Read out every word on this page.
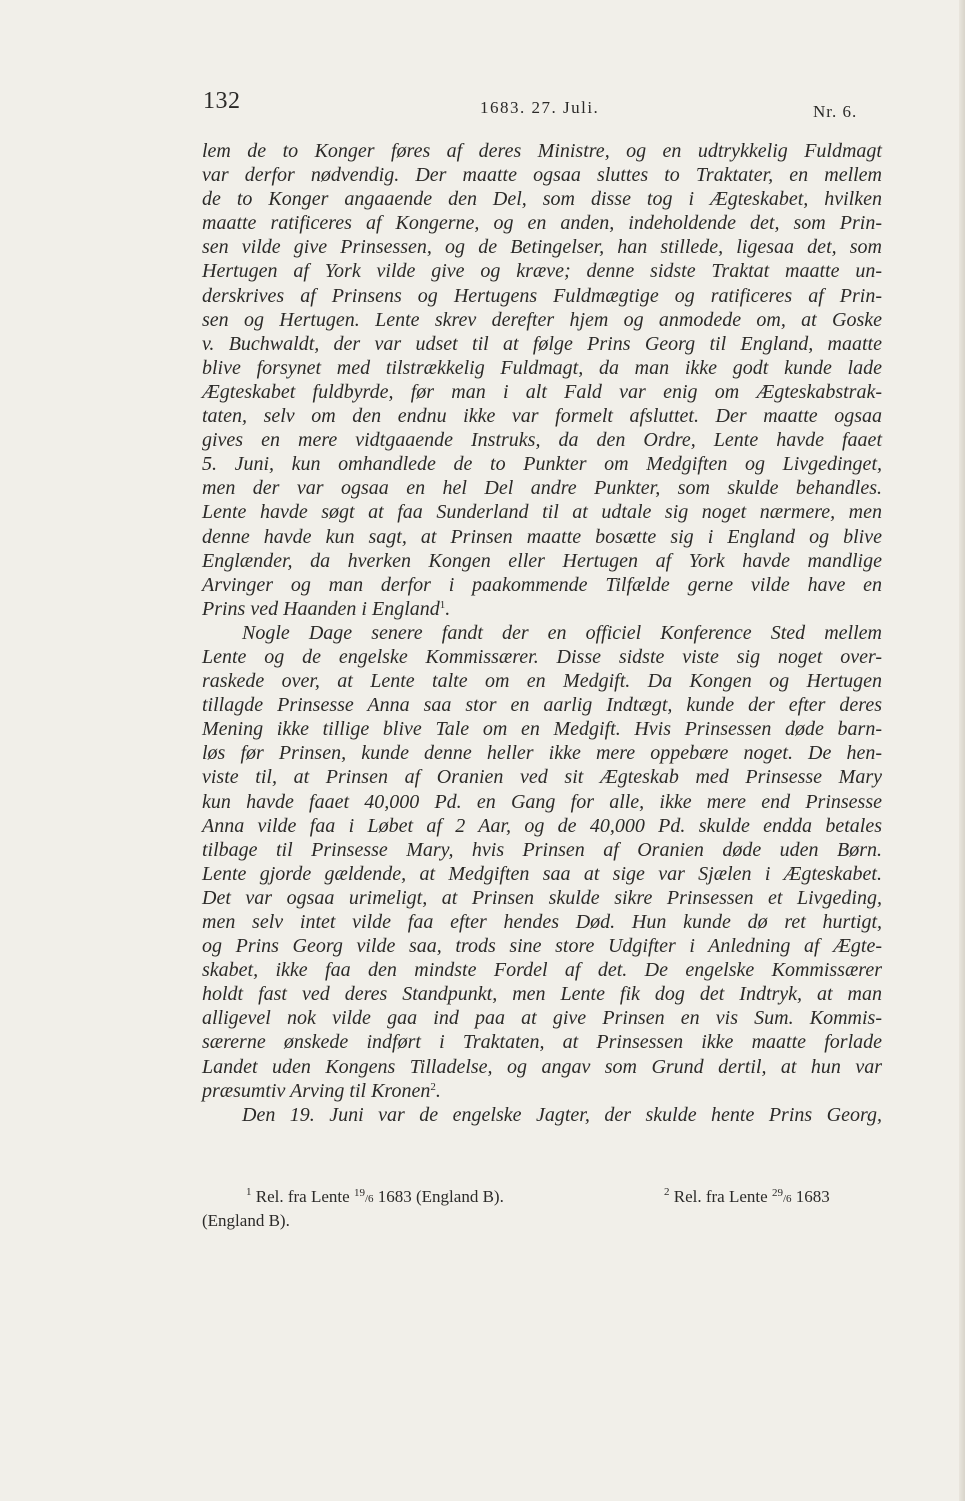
132	1683. 27. Juli.	Nr. 6.
lem de to Konger føres af deres Ministre, og en udtrykkelig Fuldmagt
var derfor nødvendig. Der maatte ogsaa sluttes to Traktater, en mellem
de to Konger angaaende den Del, som disse tog i Ægteskabet, hvilken
maatte ratificeres af Kongerne, og en anden, indeholdende det, som Prin-
sen vilde give Prinsessen, og de Betingelser, han stillede, ligesaa det, som
Hertugen af York vilde give og kræve; denne sidste Traktat maatte un-
derskrives af Prinsens og Hertugens Fuldmægtige og ratificeres af Prin-
sen og Hertugen. Lente skrev derefter hjem og anmodede om, at Goske
v. Buchwaldt, der var udset til at følge Prins Georg til England, maatte
blive forsynet med tilstrækkelig Fuldmagt, da man ikke godt kunde lade
Ægteskabet fuldbyrde, før man i alt Fald var enig om Ægteskabstrak-
taten, selv om den endnu ikke var formelt afsluttet. Der maatte ogsaa
gives en mere vidtgaaende Instruks, da den Ordre, Lente havde faaet
5. Juni, kun omhandlede de to Punkter om Medgiften og Livgedinget,
men der var ogsaa en hel Del andre Punkter, som skulde behandles.
Lente havde søgt at faa Sunderland til at udtale sig noget nærmere, men
denne havde kun sagt, at Prinsen maatte bosætte sig i England og blive
Englænder, da hverken Kongen eller Hertugen af York havde mandlige
Arvinger og man derfor i paakommende Tilfælde gerne vilde have en
Prins ved Haanden i England$^1$.
Nogle Dage senere fandt der en officiel Konference Sted mellem
Lente og de engelske Kommissærer. Disse sidste viste sig noget over-
raskede over, at Lente talte om en Medgift. Da Kongen og Hertugen
tillagde Prinsesse Anna saa stor en aarlig Indtægt, kunde der efter deres
Mening ikke tillige blive Tale om en Medgift. Hvis Prinsessen døde barn-
løs før Prinsen, kunde denne heller ikke mere oppebære noget. De hen-
viste til, at Prinsen af Oranien ved sit Ægteskab med Prinsesse Mary
kun havde faaet 40,000 Pd. en Gang for alle, ikke mere end Prinsesse
Anna vilde faa i Løbet af 2 Aar, og de 40,000 Pd. skulde endda betales
tilbage til Prinsesse Mary, hvis Prinsen af Oranien døde uden Børn.
Lente gjorde gældende, at Medgiften saa at sige var Sjælen i Ægteskabet.
Det var ogsaa urimeligt, at Prinsen skulde sikre Prinsessen et Livgeding,
men selv intet vilde faa efter hendes Død. Hun kunde dø ret hurtigt,
og Prins Georg vilde saa, trods sine store Udgifter i Anledning af Ægte-
skabet, ikke faa den mindste Fordel af det. De engelske Kommissærer
holdt fast ved deres Standpunkt, men Lente fik dog det Indtryk, at man
alligevel nok vilde gaa ind paa at give Prinsen en vis Sum. Kommis-
særerne ønskede indført i Traktaten, at Prinsessen ikke maatte forlade
Landet uden Kongens Tilladelse, og angav som Grund dertil, at hun var
præsumtiv Arving til Kronen$^2$.
Den 19. Juni var de engelske Jagter, der skulde hente Prins Georg,
$^1$ Rel. fra Lente $^{19}$/6 1683 (England B).	$^2$ Rel. fra Lente $^{29}$/6 1683
(England B).
